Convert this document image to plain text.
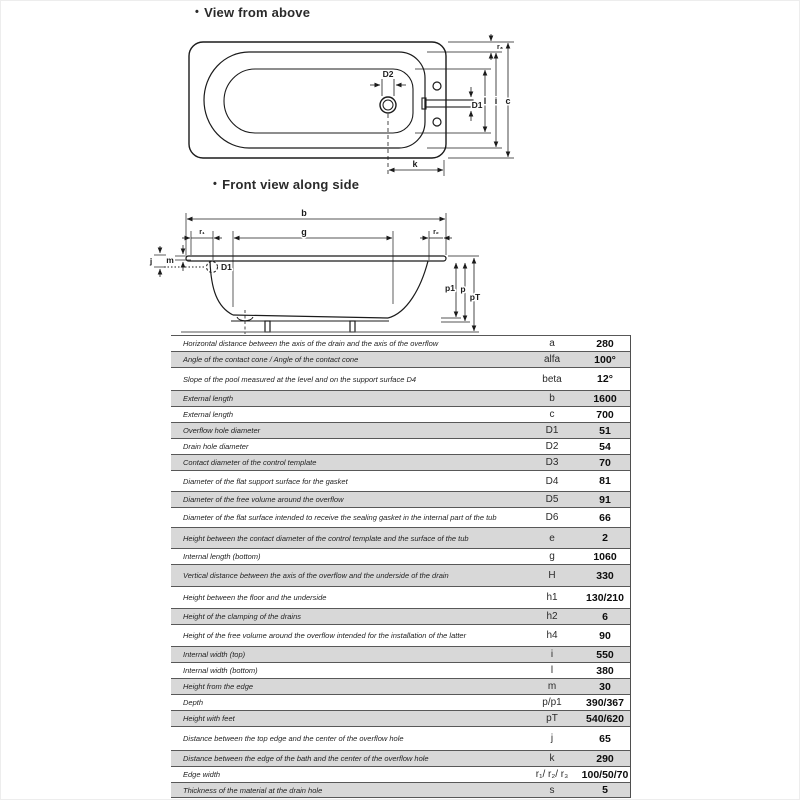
• View from above
• Front view along side
D2
D1 l i c
r₃
k
b
r₁	g	r₂
m
j
D1
p1 p
pT
Horizontal distance between the axis of the drain and the axis of the overflow	a	280
Angle of the contact cone / Angle of the contact cone	alfa	100°
Slope of the pool measured at the level and on the support surface D4	beta	12°
External length	b	1600
External length	c	700
Overflow hole diameter	D1	51
Drain hole diameter	D2	54
Contact diameter of the control template	D3	70
Diameter of the flat support surface for the gasket	D4	81
Diameter of the free volume around the overflow	D5	91
Diameter of the flat surface intended to receive the sealing gasket in the internal part of the tub	D6	66
Height between the contact diameter of the control template and the surface of the tub	e	2
Internal length (bottom)	g	1060
Vertical distance between the axis of the overflow and the underside of the drain	H	330
Height between the floor and the underside	h1	130/210
Height of the clamping of the drains	h2	6
Height of the free volume around the overflow intended for the installation of the latter	h4	90
Internal width (top)	i	550
Internal width (bottom)	l	380
Height from the edge	m	30
Depth	p/p1	390/367
Height with feet	pT	540/620
Distance between the top edge and the center of the overflow hole	j	65
Distance between the edge of the bath and the center of the overflow hole	k	290
Edge width	r₁/ r₂/ r₃	100/50/70
Thickness of the material at the drain hole	s	5
